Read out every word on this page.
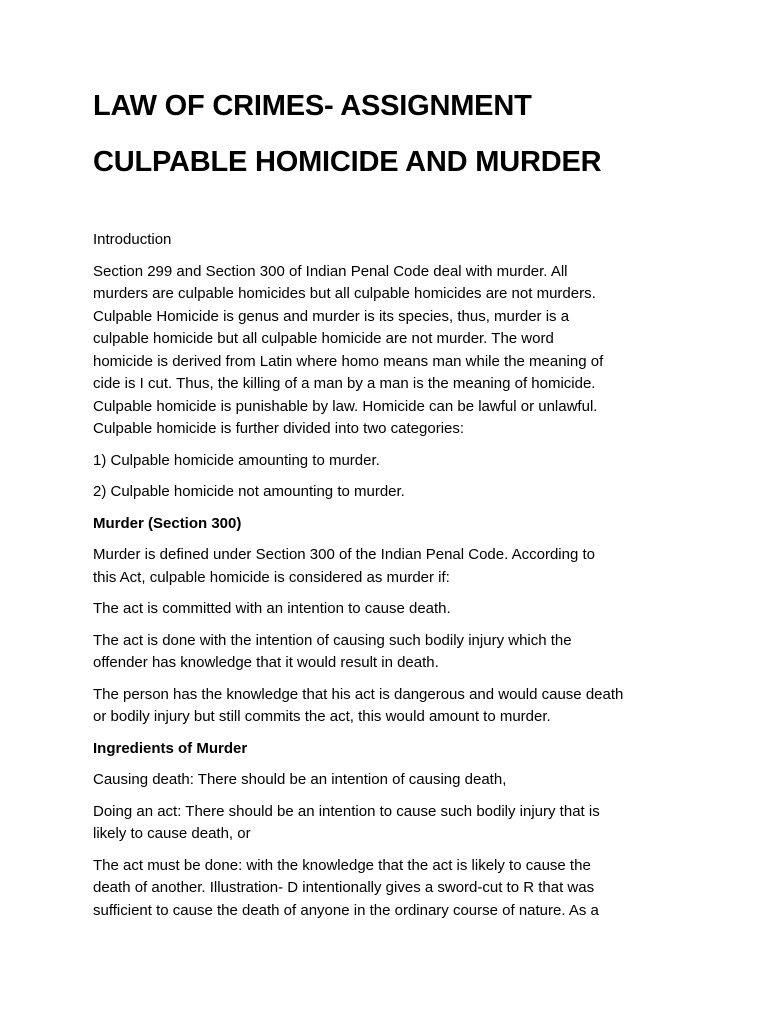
LAW OF CRIMES- ASSIGNMENT
CULPABLE HOMICIDE AND MURDER

Introduction

Section 299 and Section 300 of Indian Penal Code deal with murder. All
murders are culpable homicides but all culpable homicides are not murders.
Culpable Homicide is genus and murder is its species, thus, murder is a
culpable homicide but all culpable homicide are not murder. The word
homicide is derived from Latin where homo means man while the meaning of
cide is I cut. Thus, the killing of a man by a man is the meaning of homicide.
Culpable homicide is punishable by law. Homicide can be lawful or unlawful.
Culpable homicide is further divided into two categories:

1) Culpable homicide amounting to murder.

2) Culpable homicide not amounting to murder.

Murder (Section 300)

Murder is defined under Section 300 of the Indian Penal Code. According to
this Act, culpable homicide is considered as murder if:

The act is committed with an intention to cause death.

The act is done with the intention of causing such bodily injury which the
offender has knowledge that it would result in death.

The person has the knowledge that his act is dangerous and would cause death
or bodily injury but still commits the act, this would amount to murder.

Ingredients of Murder

Causing death: There should be an intention of causing death,

Doing an act: There should be an intention to cause such bodily injury that is
likely to cause death, or

The act must be done: with the knowledge that the act is likely to cause the
death of another. Illustration- D intentionally gives a sword-cut to R that was
sufficient to cause the death of anyone in the ordinary course of nature. As a
